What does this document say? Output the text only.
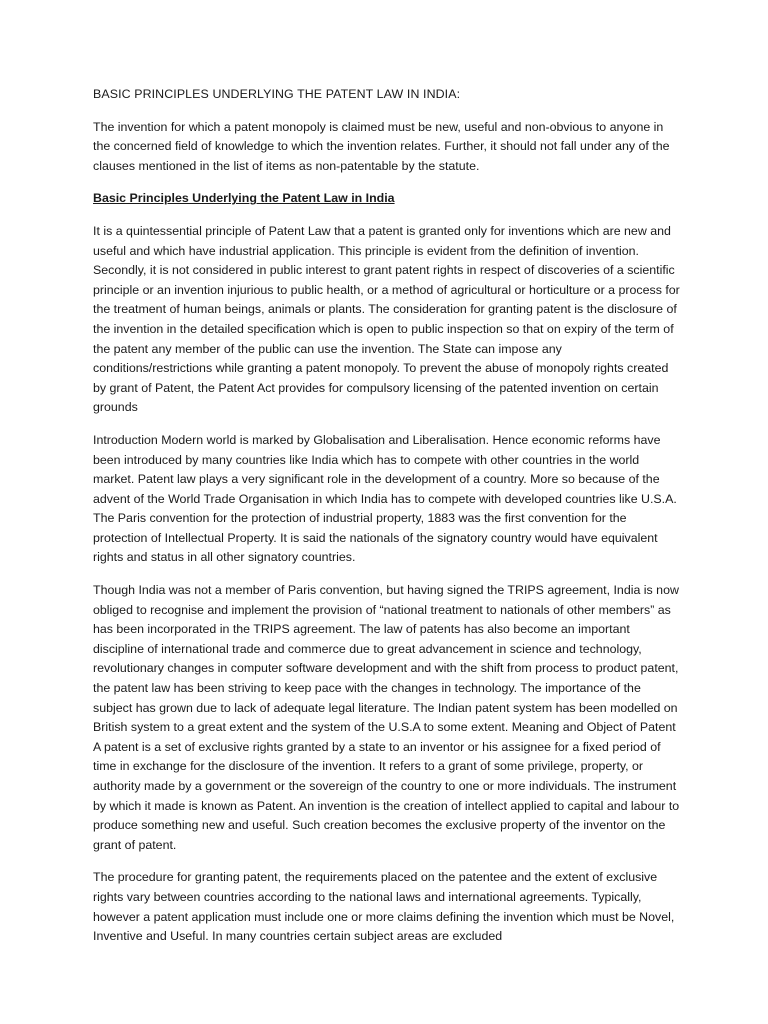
BASIC PRINCIPLES UNDERLYING THE PATENT LAW IN INDIA:

The invention for which a patent monopoly is claimed must be new, useful and non-obvious to anyone in the concerned field of knowledge to which the invention relates. Further, it should not fall under any of the clauses mentioned in the list of items as non-patentable by the statute.

Basic Principles Underlying the Patent Law in India

It is a quintessential principle of Patent Law that a patent is granted only for inventions which are new and useful and which have industrial application. This principle is evident from the definition of invention. Secondly, it is not considered in public interest to grant patent rights in respect of discoveries of a scientific principle or an invention injurious to public health, or a method of agricultural or horticulture or a process for the treatment of human beings, animals or plants. The consideration for granting patent is the disclosure of the invention in the detailed specification which is open to public inspection so that on expiry of the term of the patent any member of the public can use the invention. The State can impose any conditions/restrictions while granting a patent monopoly. To prevent the abuse of monopoly rights created by grant of Patent, the Patent Act provides for compulsory licensing of the patented invention on certain grounds

Introduction Modern world is marked by Globalisation and Liberalisation. Hence economic reforms have been introduced by many countries like India which has to compete with other countries in the world market. Patent law plays a very significant role in the development of a country. More so because of the advent of the World Trade Organisation in which India has to compete with developed countries like U.S.A. The Paris convention for the protection of industrial property, 1883 was the first convention for the protection of Intellectual Property. It is said the nationals of the signatory country would have equivalent rights and status in all other signatory countries.

Though India was not a member of Paris convention, but having signed the TRIPS agreement, India is now obliged to recognise and implement the provision of “national treatment to nationals of other members” as has been incorporated in the TRIPS agreement. The law of patents has also become an important discipline of international trade and commerce due to great advancement in science and technology, revolutionary changes in computer software development and with the shift from process to product patent, the patent law has been striving to keep pace with the changes in technology. The importance of the subject has grown due to lack of adequate legal literature. The Indian patent system has been modelled on British system to a great extent and the system of the U.S.A to some extent. Meaning and Object of Patent A patent is a set of exclusive rights granted by a state to an inventor or his assignee for a fixed period of time in exchange for the disclosure of the invention. It refers to a grant of some privilege, property, or authority made by a government or the sovereign of the country to one or more individuals. The instrument by which it made is known as Patent. An invention is the creation of intellect applied to capital and labour to produce something new and useful. Such creation becomes the exclusive property of the inventor on the grant of patent.

The procedure for granting patent, the requirements placed on the patentee and the extent of exclusive rights vary between countries according to the national laws and international agreements. Typically, however a patent application must include one or more claims defining the invention which must be Novel, Inventive and Useful. In many countries certain subject areas are excluded
